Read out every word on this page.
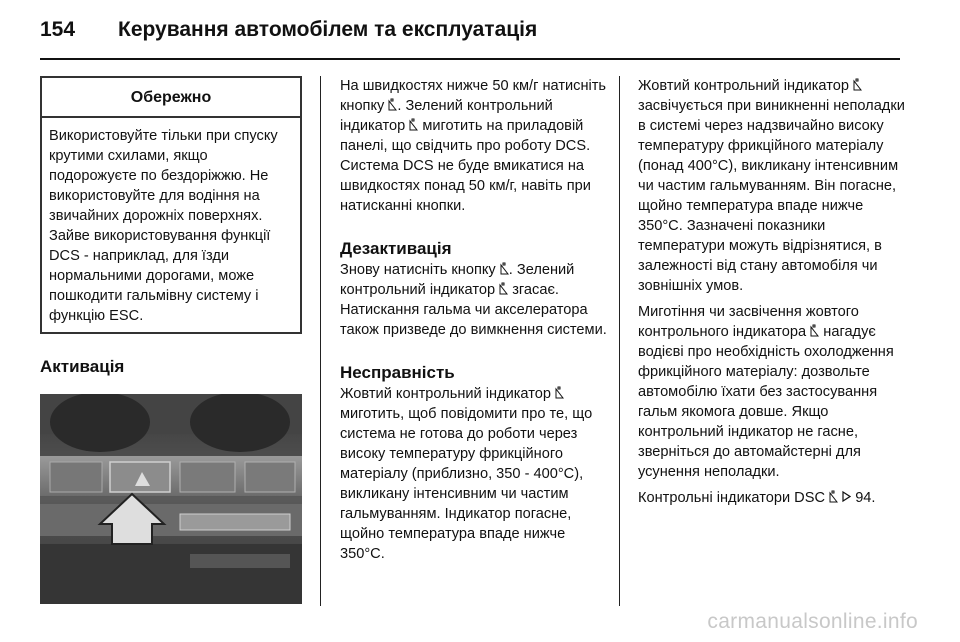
154 Керування автомобілем та експлуатація
Обережно
Використовуйте тільки при спуску крутими схилами, якщо подорожуєте по бездоріжжю. Не використовуйте для водіння на звичайних дорожніх поверхнях. Зайве використовування функції DCS - наприклад, для їзди нормальними дорогами, може пошкодити гальмівну систему і функцію ESC.
Активація

На швидкостях нижче 50 км/г натисніть кнопку . Зелений контрольний індикатор миготить на приладовій панелі, що свідчить про роботу DCS. Система DCS не буде вмикатися на швидкостях понад 50 км/г, навіть при натисканні кнопки.

Дезактивація

Знову натисніть кнопку . Зелений контрольний індикатор згасає.

Натискання гальма чи акселератора також призведе до вимкнення системи.

Несправність

Жовтий контрольний індикатор  миготить, щоб повідомити про те, що система не готова до роботи через високу температуру фрикційного матеріалу (приблизно, 350 - 400°C), викликану інтенсивним чи частим гальмуванням. Індикатор погасне, щойно температура впаде нижче 350°C.

Жовтий контрольний індикатор  засвічується при виникненні неполадки в системі через надзвичайно високу температуру фрикційного матеріалу (понад 400°C), викликану інтенсивним чи частим гальмуванням. Він погасне, щойно температура впаде нижче 350°C. Зазначені показники температури можуть відрізнятися, в залежності від стану автомобіля чи зовнішніх умов.

Миготіння чи засвічення жовтого контрольного індикатора нагадує водієві про необхідність охолодження фрикційного матеріалу: дозвольте автомобілю їхати без застосування гальм якомога довше. Якщо контрольний індикатор не гасне, зверніться до автомайстерні для усунення неполадки.

Контрольні індикатори DSC 94.

carmanualsonline.info
